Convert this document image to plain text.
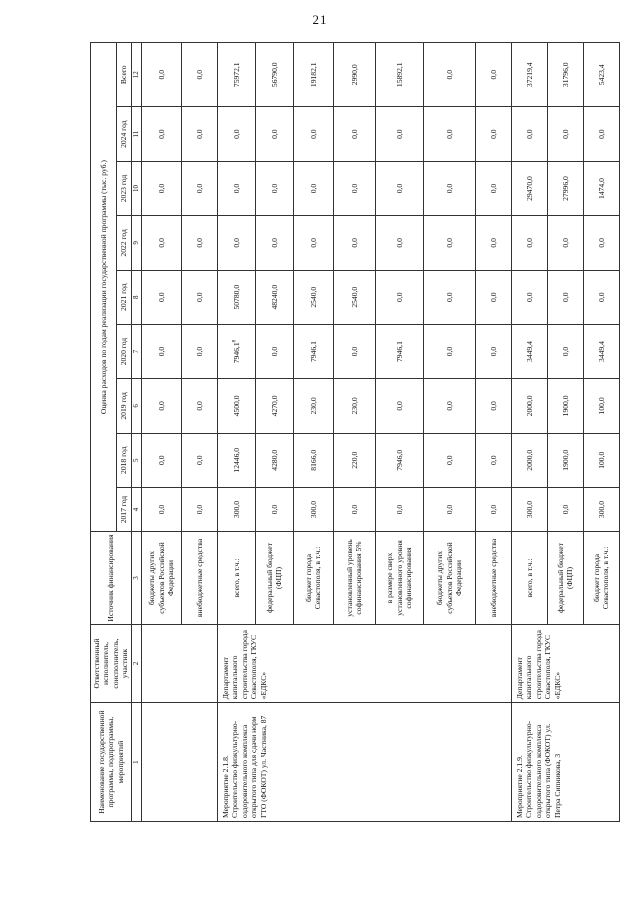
21
Наименование государственной программы, подпрограммы, мероприятий	Ответственный исполнитель, соисполнитель, участник	Источник финансирования	Оценка расходов по годам реализации государственной программы (тыс. руб.)								
			2017 год	2018 год	2019 год	2020 год	2021 год	2022 год	2023 год	2024 год	Всего
1	2	3	4	5	6	7	8	9	10	11	12
		бюджеты других субъектов Российской Федерации	0,0	0,0	0,0	0,0	0,0	0,0	0,0	0,0	0,0
		внебюджетные средства	0,0	0,0	0,0	0,0	0,0	0,0	0,0	0,0	0,0
Мероприятие 2.1.8. Строительство физкультурно-оздоровительного комплекса открытого типа для сдачи норм ГТО (ФОКОТ) ул. Частника, 87	Департамент капитального строительства города Севастополя, ГКУС «ЕДКС»	всего, в т.ч.:	300,0	12446,0	4500,0	7946,1$^8$	50780,0	0,0	0,0	0,0	75972,1
		федеральный бюджет (ФЦП)	0,0	4280,0	4270,0	0,0	48240,0	0,0	0,0	0,0	56790,0
		бюджет города Севастополя, в т.ч.:	300,0	8166,0	230,0	7946,1	2540,0	0,0	0,0	0,0	19182,1
		установленный уровень софинансирования 5%	0,0	220,0	230,0	0,0	2540,0	0,0	0,0	0,0	2990,0
		в размере сверх установленного уровня софинансирования	0,0	7946,0	0,0	7946,1	0,0	0,0	0,0	0,0	15892,1
		бюджеты других субъектов Российской Федерации	0,0	0,0	0,0	0,0	0,0	0,0	0,0	0,0	0,0
		внебюджетные средства	0,0	0,0	0,0	0,0	0,0	0,0	0,0	0,0	0,0
Мероприятие 2.1.9. Строительство физкультурно-оздоровительного комплекса открытого типа (ФОКОТ) ул. Петра Сипникова, 3	Департамент капитального строительства города Севастополя, ГКУС «ЕДКС»	всего, в т.ч.:	300,0	2000,0	2000,0	3449,4	0,0	0,0	29470,0	0,0	37219,4
		федеральный бюджет (ФЦП)	0,0	1900,0	1900,0	0,0	0,0	0,0	27996,0	0,0	31796,0
		бюджет города Севастополя, в т.ч.:	300,0	100,0	100,0	3449,4	0,0	0,0	1474,0	0,0	5423,4
